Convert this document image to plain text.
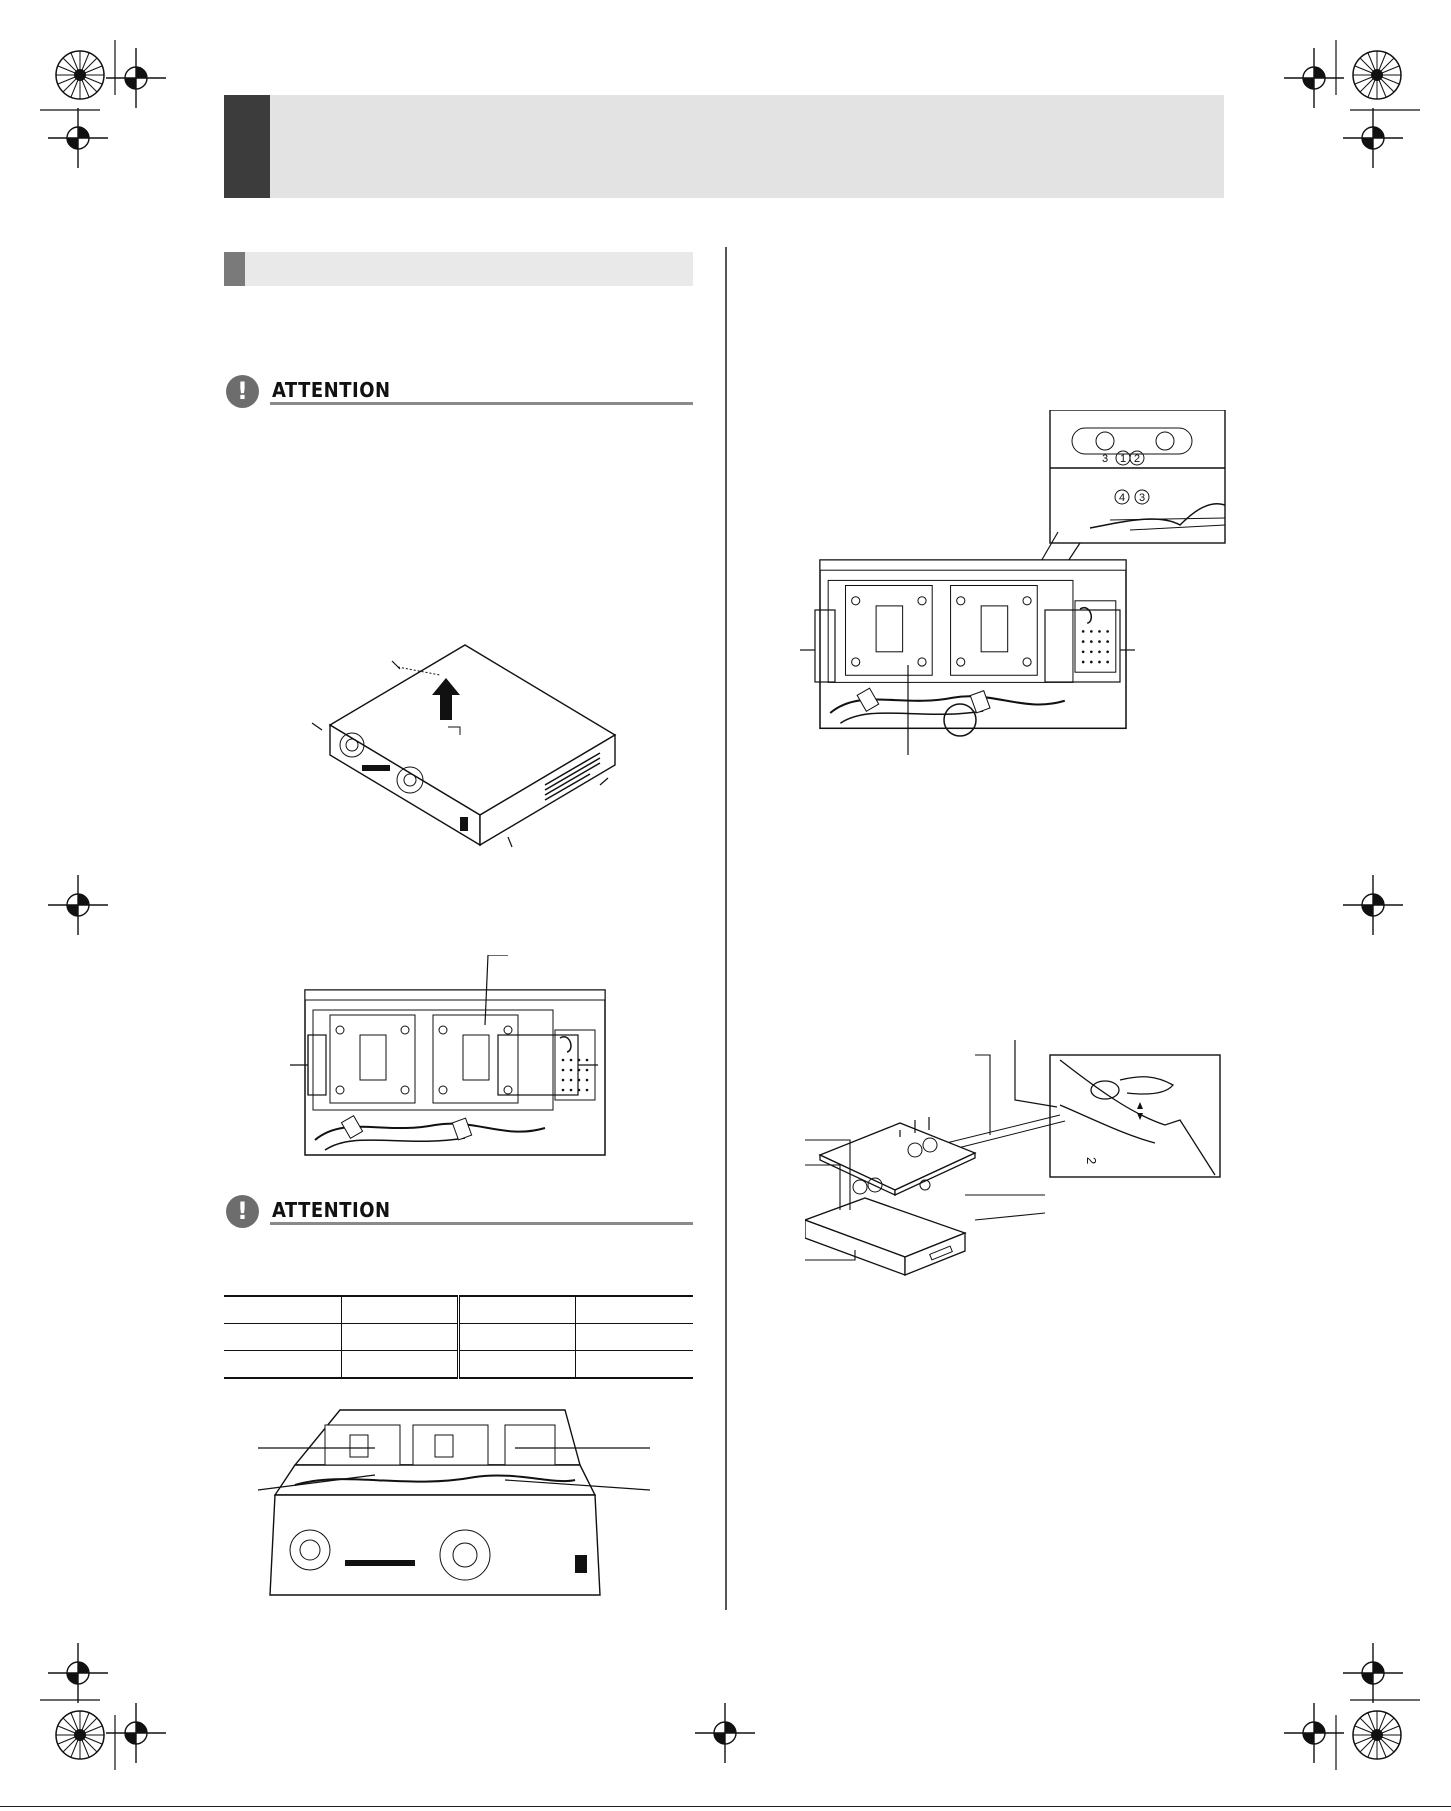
!	ATTENTION
!	ATTENTION

1 2
3
4 3
2
